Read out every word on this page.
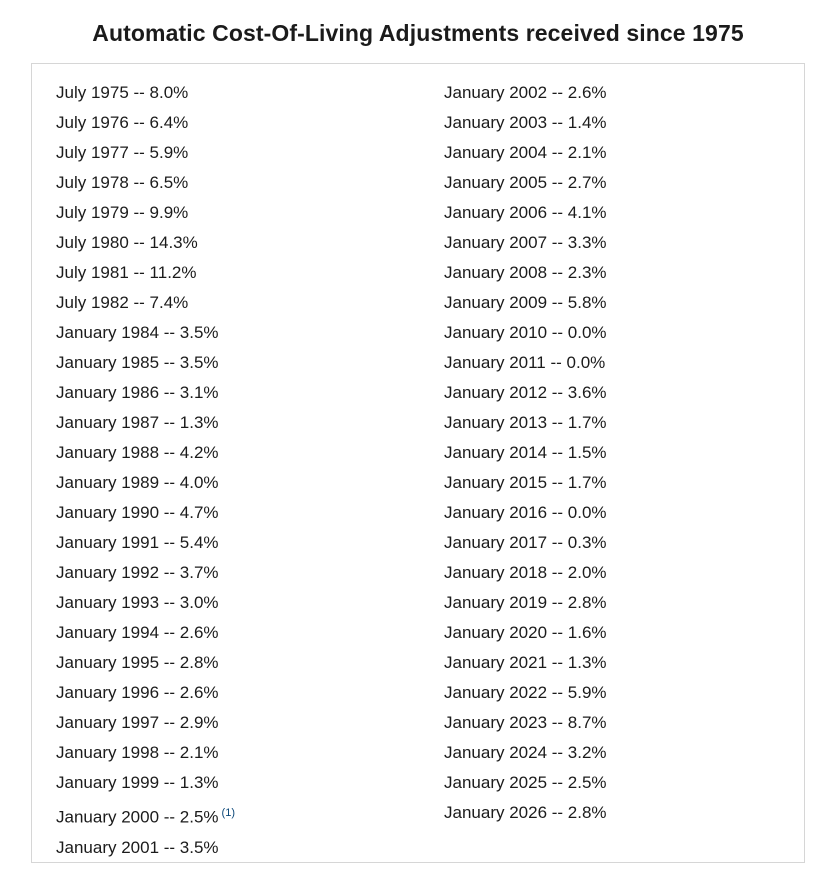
Automatic Cost-Of-Living Adjustments received since 1975
July 1975 -- 8.0%
July 1976 -- 6.4%
July 1977 -- 5.9%
July 1978 -- 6.5%
July 1979 -- 9.9%
July 1980 -- 14.3%
July 1981 -- 11.2%
July 1982 -- 7.4%
January 1984 -- 3.5%
January 1985 -- 3.5%
January 1986 -- 3.1%
January 1987 -- 1.3%
January 1988 -- 4.2%
January 1989 -- 4.0%
January 1990 -- 4.7%
January 1991 -- 5.4%
January 1992 -- 3.7%
January 1993 -- 3.0%
January 1994 -- 2.6%
January 1995 -- 2.8%
January 1996 -- 2.6%
January 1997 -- 2.9%
January 1998 -- 2.1%
January 1999 -- 1.3%
January 2000 -- 2.5% $^{(1)}$
January 2001 -- 3.5%
January 2002 -- 2.6%
January 2003 -- 1.4%
January 2004 -- 2.1%
January 2005 -- 2.7%
January 2006 -- 4.1%
January 2007 -- 3.3%
January 2008 -- 2.3%
January 2009 -- 5.8%
January 2010 -- 0.0%
January 2011 -- 0.0%
January 2012 -- 3.6%
January 2013 -- 1.7%
January 2014 -- 1.5%
January 2015 -- 1.7%
January 2016 -- 0.0%
January 2017 -- 0.3%
January 2018 -- 2.0%
January 2019 -- 2.8%
January 2020 -- 1.6%
January 2021 -- 1.3%
January 2022 -- 5.9%
January 2023 -- 8.7%
January 2024 -- 3.2%
January 2025 -- 2.5%
January 2026 -- 2.8%
